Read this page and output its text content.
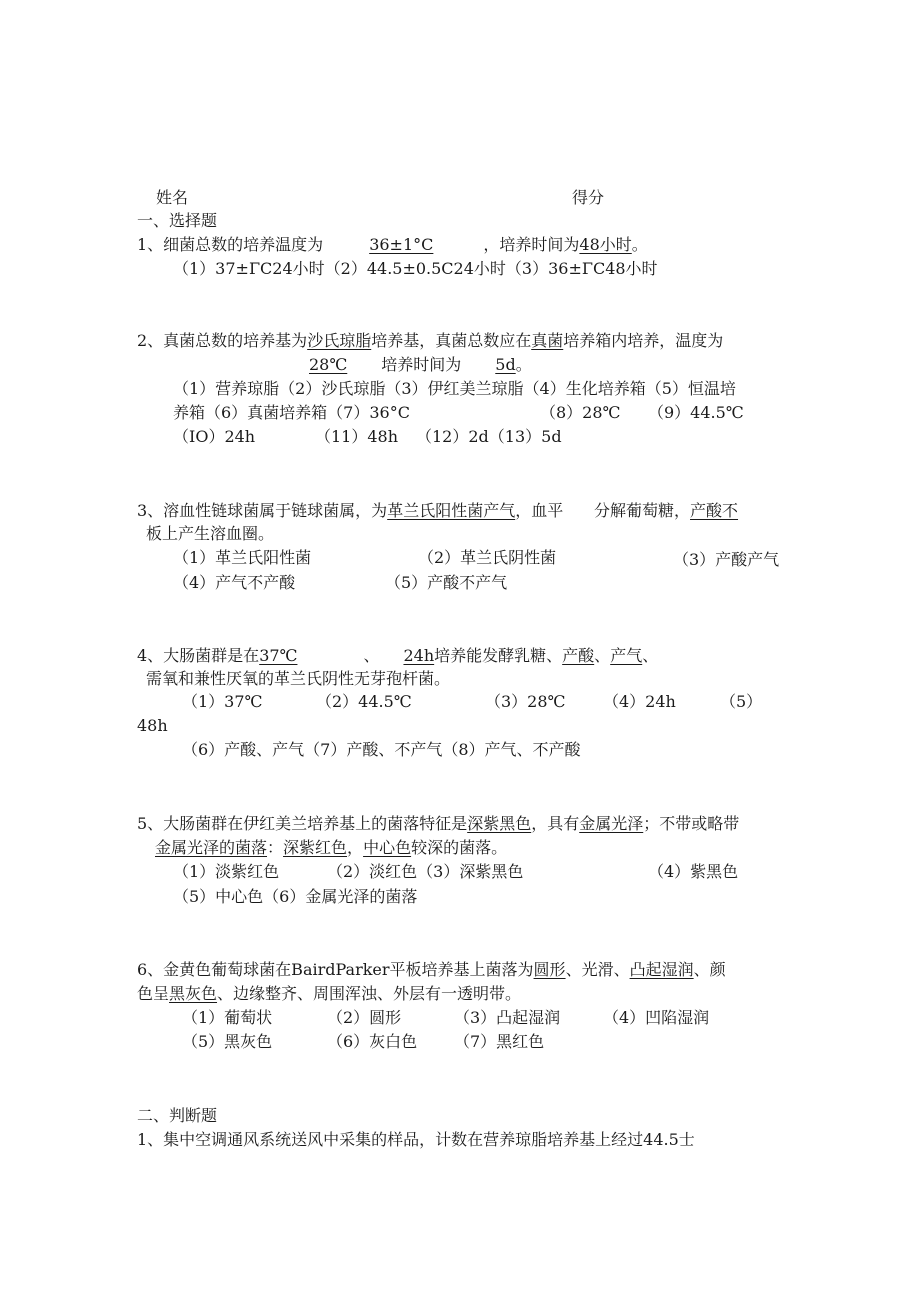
姓名	得分
一、选择题
1、细菌总数的培养温度为	36±1°C	，培养时间为48小时。
（1）37±ΓC24小时（2）44.5±0.5C24小时（3）36±ΓC48小时
2、真菌总数的培养基为沙氏琼脂培养基，真菌总数应在真菌培养箱内培养，温度为
28℃ 培养时间为 5d。
（1）营养琼脂（2）沙氏琼脂（3）伊红美兰琼脂（4）生化培养箱（5）恒温培
养箱（6）真菌培养箱（7）36°C	（8）28℃ （9）44.5℃
（IO）24h	（11）48h （12）2d（13）5d
3、溶血性链球菌属于链球菌属，为革兰氏阳性菌产气，血平 分解葡萄糖，产酸不
板上产生溶血圈。
（1）革兰氏阳性菌	（2）革兰氏阴性菌	（3）产酸产气
（4）产气不产酸	（5）产酸不产气
4、大肠菌群是在37℃	、 24h培养能发酵乳糖、产酸、产气、
需氧和兼性厌氧的革兰氏阴性无芽孢杆菌。
（1）37℃	（2）44.5℃	（3）28℃ （4）24h	（5）
48h
（6）产酸、产气（7）产酸、不产气（8）产气、不产酸
5、大肠菌群在伊红美兰培养基上的菌落特征是深紫黑色，具有金属光泽；不带或略带
金属光泽的菌落：深紫红色，中心色较深的菌落。
（1）淡紫红色	（2）淡红色（3）深紫黑色	（4）紫黑色
（5）中心色（6）金属光泽的菌落
6、金黄色葡萄球菌在BairdParker平板培养基上菌落为圆形、光滑、凸起湿润、颜
色呈黑灰色、边缘整齐、周围浑浊、外层有一透明带。
（1）葡萄状	（2）圆形	（3）凸起湿润	（4）凹陷湿润
（5）黑灰色	（6）灰白色 （7）黑红色
二、判断题
1、集中空调通风系统送风中采集的样品，计数在营养琼脂培养基上经过44.5士
